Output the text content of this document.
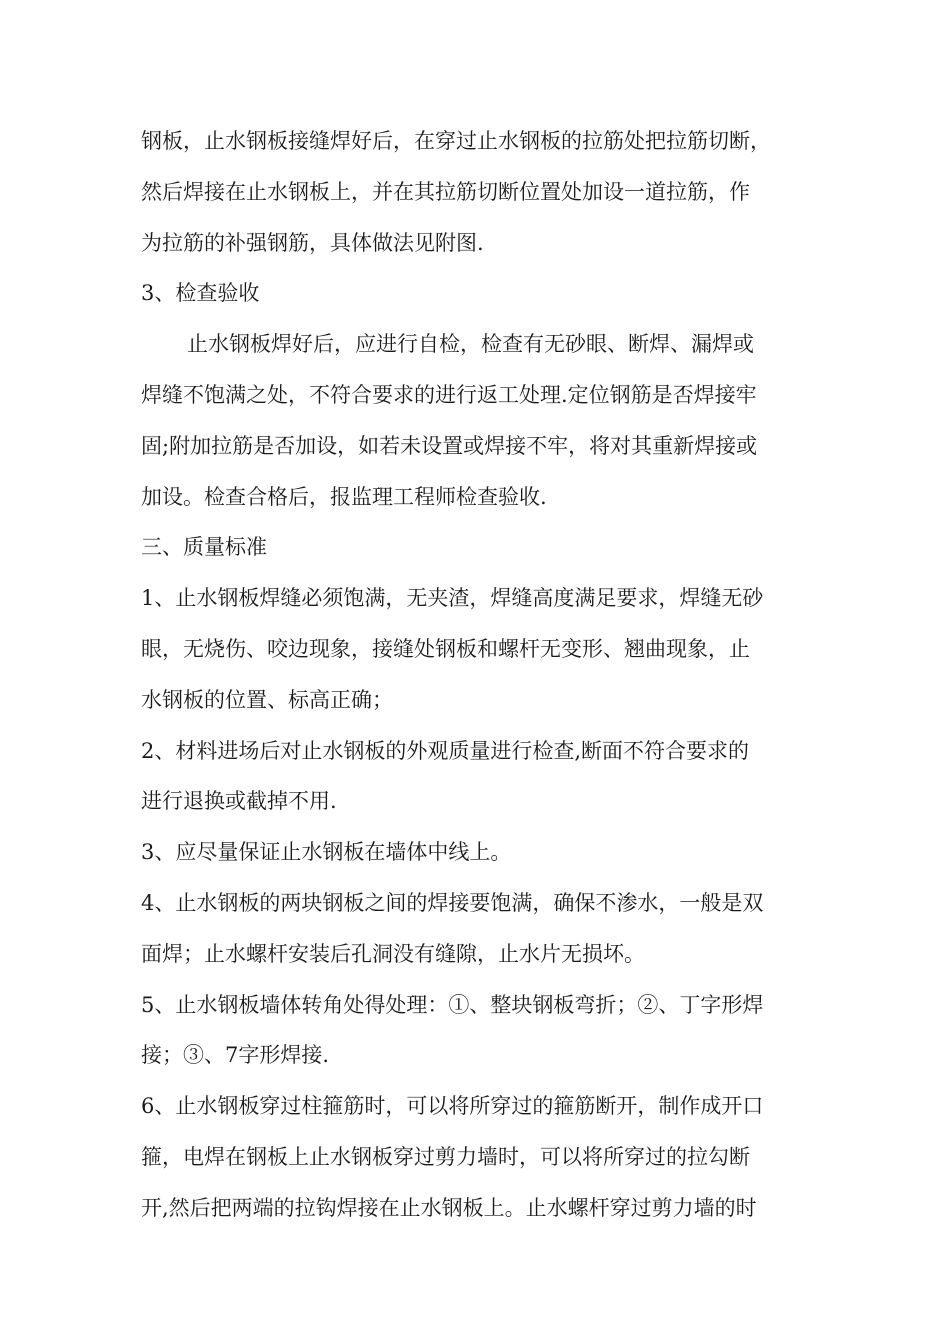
钢板，止水钢板接缝焊好后，在穿过止水钢板的拉筋处把拉筋切断，
然后焊接在止水钢板上，并在其拉筋切断位置处加设一道拉筋，作
为拉筋的补强钢筋，具体做法见附图.
3、检查验收
止水钢板焊好后，应进行自检，检查有无砂眼、断焊、漏焊或
焊缝不饱满之处，不符合要求的进行返工处理.定位钢筋是否焊接牢
固;附加拉筋是否加设，如若未设置或焊接不牢，将对其重新焊接或
加设。检查合格后，报监理工程师检查验收.
三、质量标准
1、止水钢板焊缝必须饱满，无夹渣，焊缝高度满足要求，焊缝无砂
眼，无烧伤、咬边现象，接缝处钢板和螺杆无变形、翘曲现象，止
水钢板的位置、标高正确；
2、材料进场后对止水钢板的外观质量进行检查,断面不符合要求的
进行退换或截掉不用.
3、应尽量保证止水钢板在墙体中线上。
4、止水钢板的两块钢板之间的焊接要饱满，确保不渗水，一般是双
面焊；止水螺杆安装后孔洞没有缝隙，止水片无损坏。
5、止水钢板墙体转角处得处理：①、整块钢板弯折；②、丁字形焊
接；③、7字形焊接.
6、止水钢板穿过柱箍筋时，可以将所穿过的箍筋断开，制作成开口
箍，电焊在钢板上止水钢板穿过剪力墙时，可以将所穿过的拉勾断
开,然后把两端的拉钩焊接在止水钢板上。止水螺杆穿过剪力墙的时
